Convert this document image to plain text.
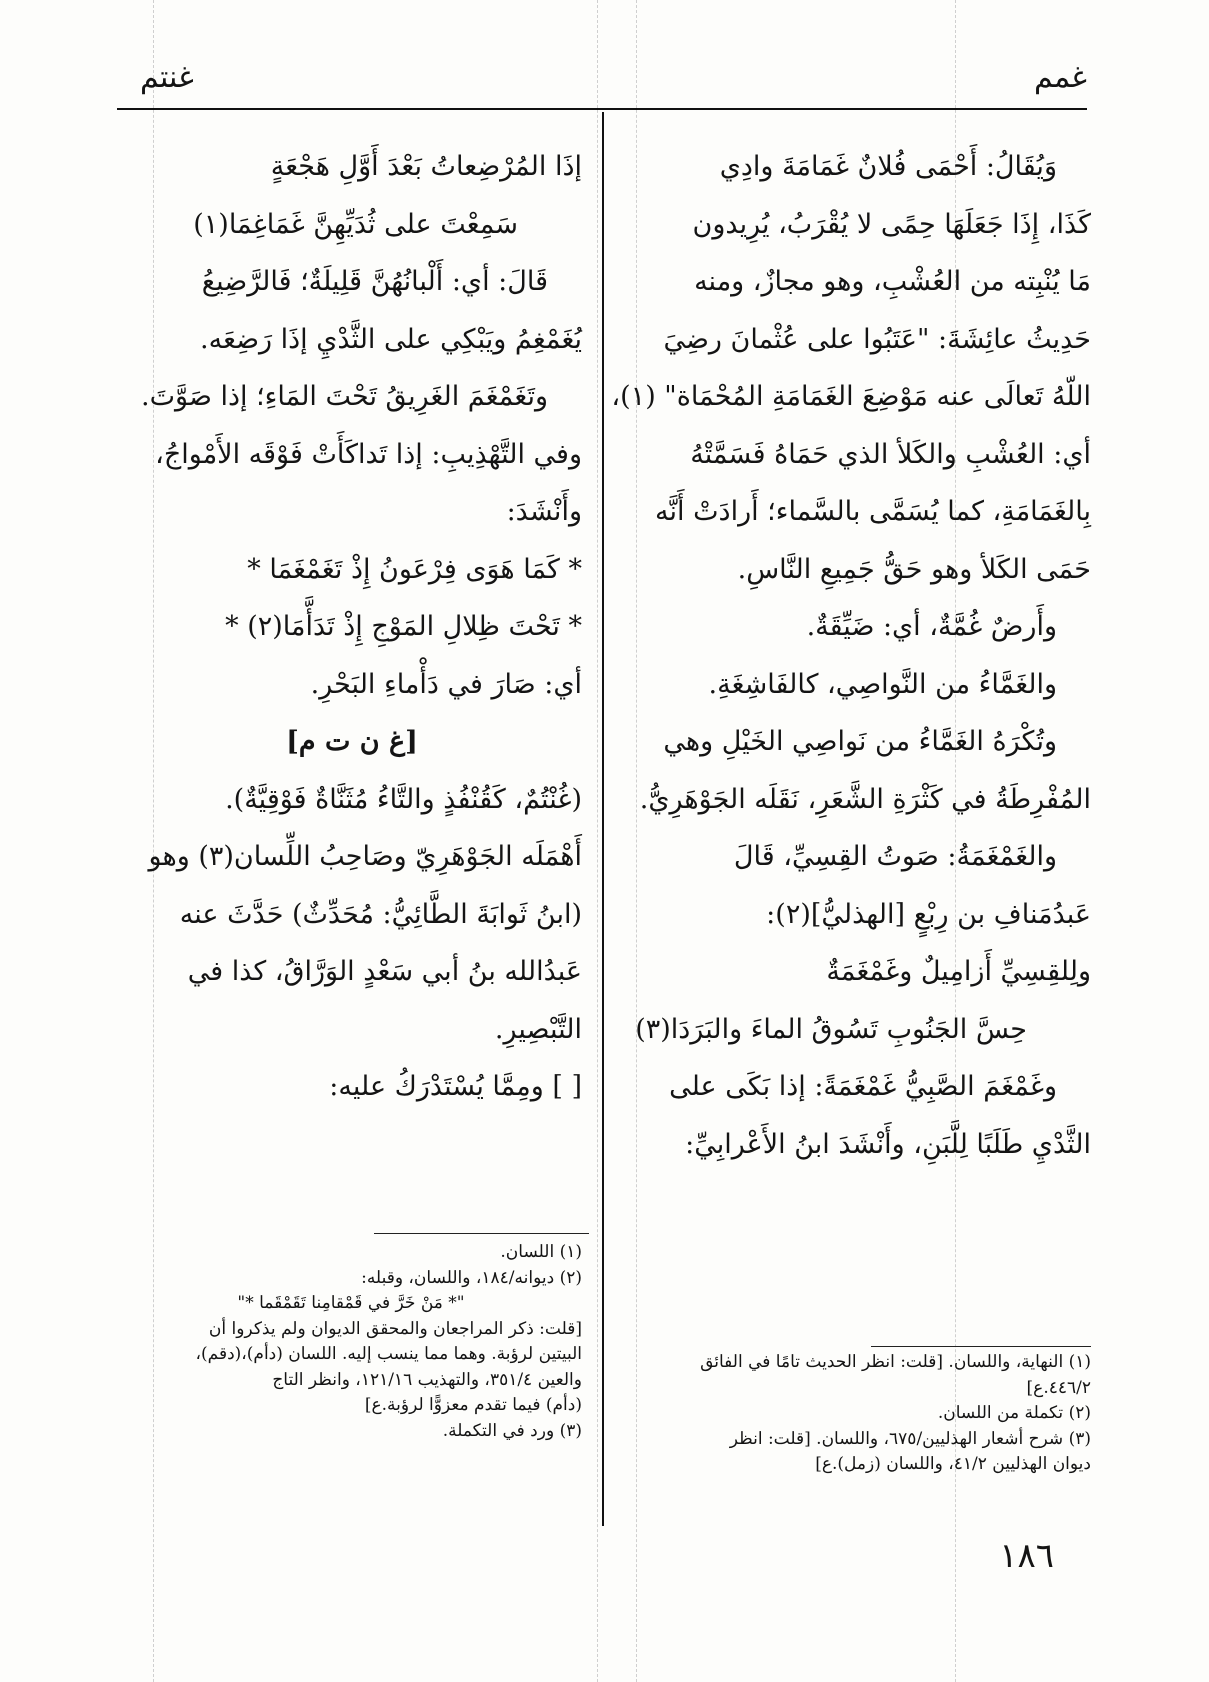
غمم
غنتم

وَيُقَالُ: أَحْمَى فُلانٌ غَمَامَةَ وادِي

كَذَا، إِذَا جَعَلَهَا حِمًى لا يُقْرَبُ، يُرِيدون

مَا يُنْبِته من العُشْبِ، وهو مجازٌ، ومنه

حَدِيثُ عائِشَةَ: "عَتَبُوا على عُثْمانَ رضِيَ

اللّهُ تَعالَى عنه مَوْضِعَ الغَمَامَةِ المُحْمَاة" (١)،

أي: العُشْبِ والكَلأ الذي حَمَاهُ فَسَمَّتْهُ

بِالغَمَامَةِ، كما يُسَمَّى بالسَّماء؛ أَرادَتْ أَنَّه

حَمَى الكَلأ وهو حَقُّ جَمِيعِ النَّاسِ.

وأَرضٌ غُمَّةٌ، أي: ضَيِّقَةٌ.

والغَمَّاءُ من النَّواصِي، كالفَاشِغَةِ.

وتُكْرَهُ الغَمَّاءُ من نَواصِي الخَيْلِ وهي

المُفْرِطَةُ في كَثْرَةِ الشَّعَرِ، نَقَلَه الجَوْهَرِيُّ.

والغَمْغَمَةُ: صَوتُ القِسِيِّ، قَالَ

عَبدُمَنافِ بن رِبْعٍ [الهذليُّ](٢):

ولِلقِسِيِّ أَزامِيلٌ وغَمْغَمَةٌ

حِسَّ الجَنُوبِ تَسُوقُ الماءَ والبَرَدَا(٣)

وغَمْغَمَ الصَّبِيُّ غَمْغَمَةً: إذا بَكَى على

الثَّدْيِ طَلَبًا لِلَّبَنِ، وأَنْشَدَ ابنُ الأَعْرابِيِّ:

إذَا المُرْضِعاتُ بَعْدَ أَوَّلِ هَجْعَةٍ

سَمِعْتَ على ثُدَيِّهِنَّ غَمَاغِمَا(١)

قَالَ: أي: أَلْبانُهُنَّ قَلِيلَةٌ؛ فَالرَّضِيعُ

يُغَمْغِمُ ويَبْكِي على الثَّدْيِ إذَا رَضِعَه.

وتَغَمْغَمَ الغَرِيقُ تَحْتَ المَاءِ؛ إذا صَوَّتَ.

وفي التَّهْذِيبِ: إذا تَداكَأَتْ فَوْقَه الأَمْواجُ،

وأَنْشَدَ:

* كَمَا هَوَى فِرْعَونُ إِذْ تَغَمْغَمَا *

* تَحْتَ ظِلالِ المَوْجِ إِذْ تَدَأَّمَا(٢) *

أي: صَارَ في دَأْماءِ البَحْرِ.

[غ ن ت م]

(غُنْتُمٌ، كَقُنْفُذٍ والتَّاءُ مُثَنَّاةٌ فَوْقِيَّةٌ).

أَهْمَلَه الجَوْهَرِيّ وصَاحِبُ اللِّسان(٣) وهو

(ابنُ ثَوابَةَ الطَّائِيُّ: مُحَدِّثٌ) حَدَّثَ عنه

عَبدُالله بنُ أبي سَعْدٍ الوَرَّاقُ، كذا في

التَّبْصِيرِ.

[ ] ومِمَّا يُسْتَدْرَكُ عليه:

(١) النهاية، واللسان. [قلت: انظر الحديث تامًا في الفائق
٤٤٦/٢.ع]
(٢) تكملة من اللسان.
(٣) شرح أشعار الهذليين/٦٧٥، واللسان. [قلت: انظر
ديوان الهذليين ٤١/٢، واللسان (زمل).ع]
(١) اللسان.
(٢) ديوانه/١٨٤، واللسان، وقبله:
"* مَنْ خَرَّ في قَمْقامِنا تَقَمْقَما *"
[قلت: ذكر المراجعان والمحقق الديوان ولم يذكروا أن
البيتين لرؤبة. وهما مما ينسب إليه. اللسان (دأم)،(دقم)،
والعين ٣٥١/٤، والتهذيب ١٢١/١٦، وانظر التاج
(دأم) فيما تقدم معزوًّا لرؤبة.ع]
(٣) ورد في التكملة.
١٨٦
